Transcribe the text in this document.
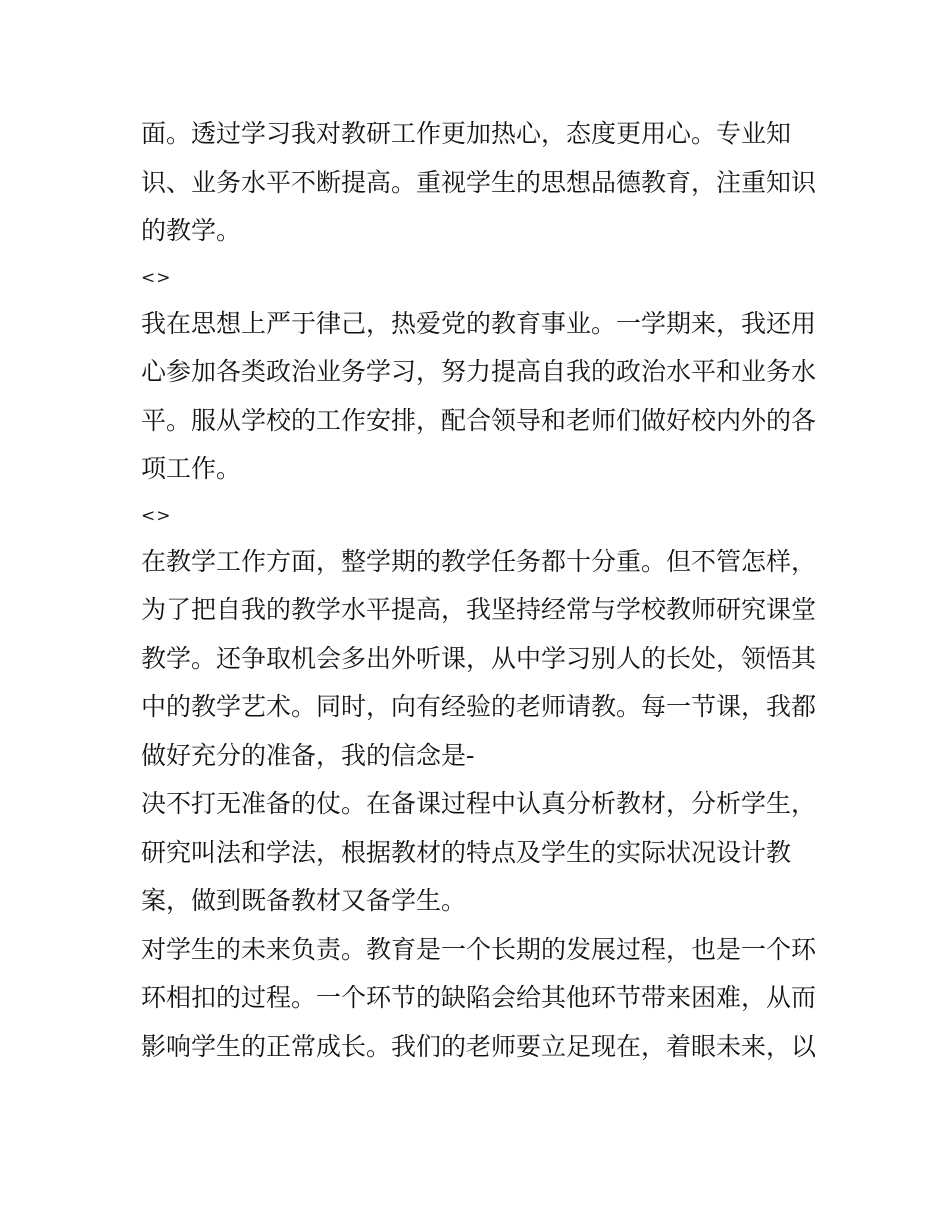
面。透过学习我对教研工作更加热心，态度更用心。专业知
识、业务水平不断提高。重视学生的思想品德教育，注重知识
的教学。
<>
我在思想上严于律己，热爱党的教育事业。一学期来，我还用
心参加各类政治业务学习，努力提高自我的政治水平和业务水
平。服从学校的工作安排，配合领导和老师们做好校内外的各
项工作。
<>
在教学工作方面，整学期的教学任务都十分重。但不管怎样，
为了把自我的教学水平提高，我坚持经常与学校教师研究课堂
教学。还争取机会多出外听课，从中学习别人的长处，领悟其
中的教学艺术。同时，向有经验的老师请教。每一节课，我都
做好充分的准备，我的信念是-
决不打无准备的仗。在备课过程中认真分析教材，分析学生，
研究叫法和学法，根据教材的特点及学生的实际状况设计教
案，做到既备教材又备学生。
对学生的未来负责。教育是一个长期的发展过程，也是一个环
环相扣的过程。一个环节的缺陷会给其他环节带来困难，从而
影响学生的正常成长。我们的老师要立足现在，着眼未来，以
